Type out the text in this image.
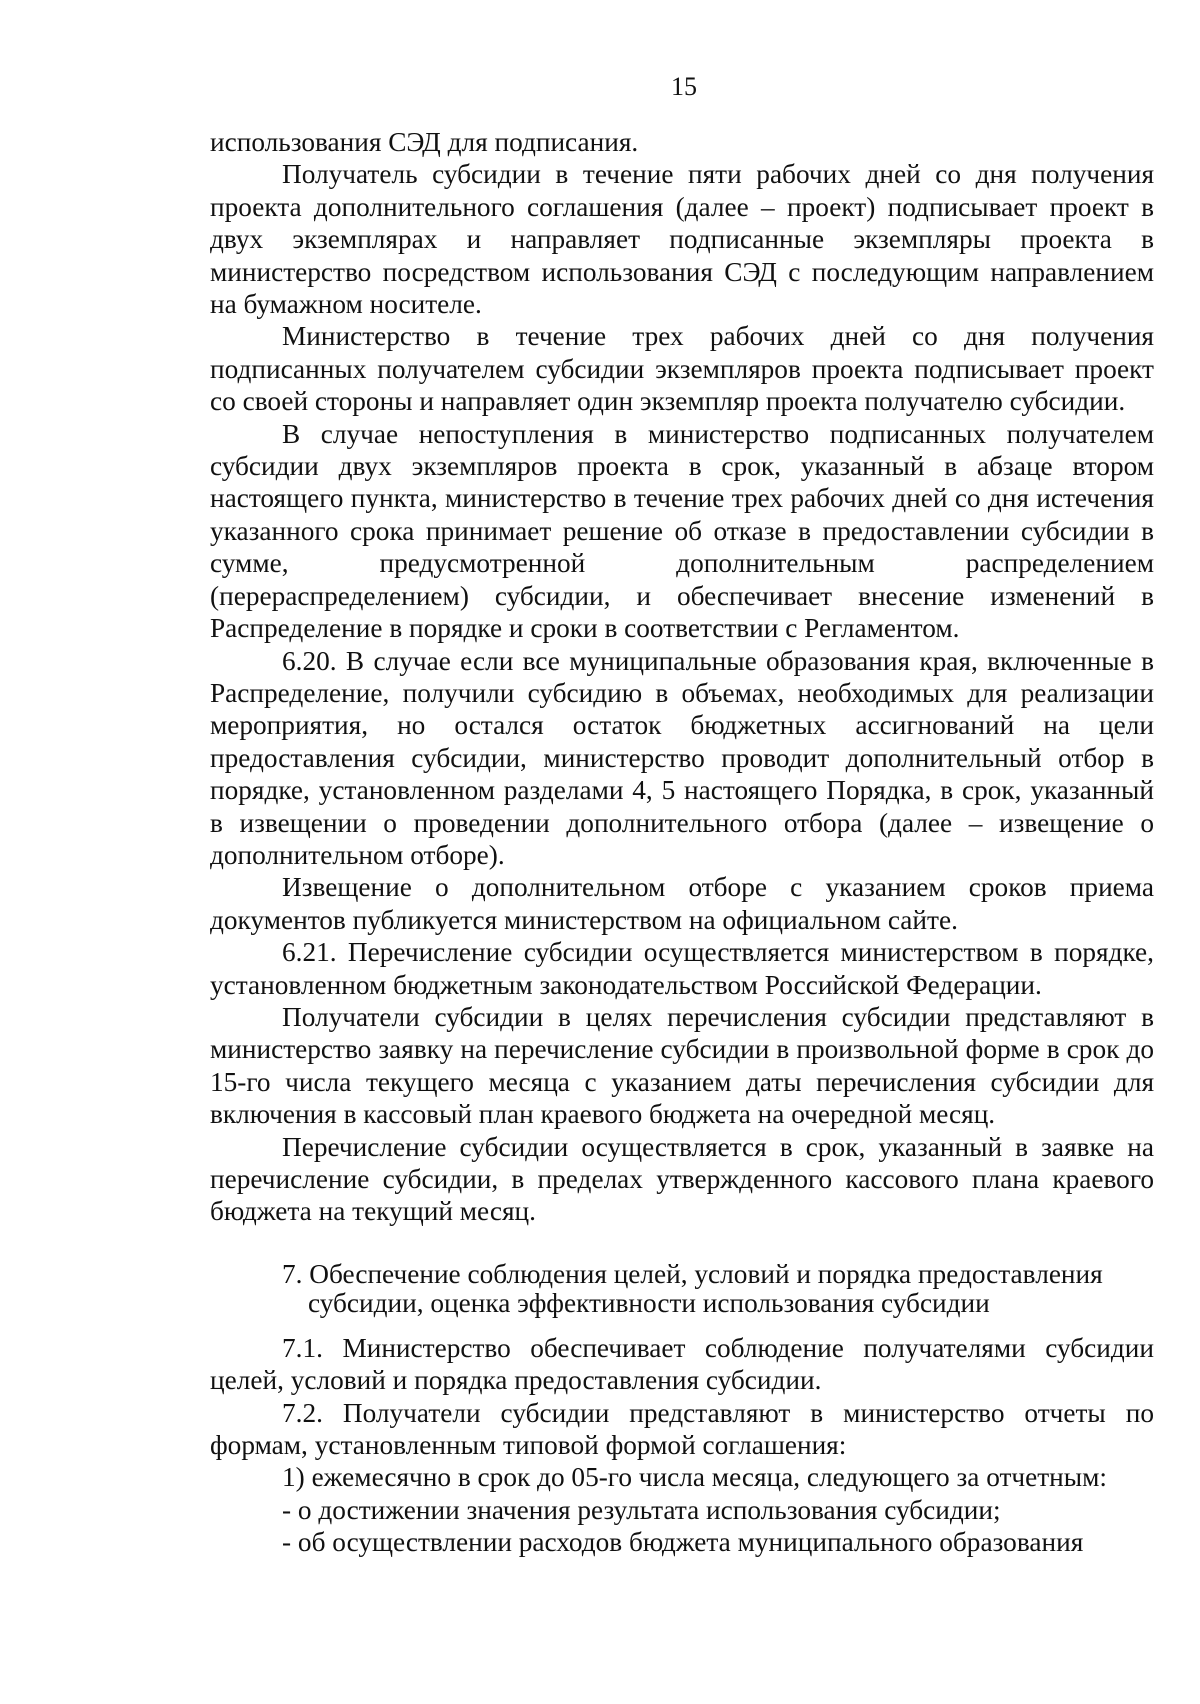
15

использования СЭД для подписания.

Получатель субсидии в течение пяти рабочих дней со дня получения проекта дополнительного соглашения (далее – проект) подписывает проект в двух экземплярах и направляет подписанные экземпляры проекта в министерство посредством использования СЭД с последующим направлением на бумажном носителе.

Министерство в течение трех рабочих дней со дня получения подписанных получателем субсидии экземпляров проекта подписывает проект со своей стороны и направляет один экземпляр проекта получателю субсидии.

В случае непоступления в министерство подписанных получателем субсидии двух экземпляров проекта в срок, указанный в абзаце втором настоящего пункта, министерство в течение трех рабочих дней со дня истечения указанного срока принимает решение об отказе в предоставлении субсидии в сумме, предусмотренной дополнительным распределением (перераспределением) субсидии, и обеспечивает внесение изменений в Распределение в порядке и сроки в соответствии с Регламентом.

6.20. В случае если все муниципальные образования края, включенные в Распределение, получили субсидию в объемах, необходимых для реализации мероприятия, но остался остаток бюджетных ассигнований на цели предоставления субсидии, министерство проводит дополнительный отбор в порядке, установленном разделами 4, 5 настоящего Порядка, в срок, указанный в извещении о проведении дополнительного отбора (далее – извещение о дополнительном отборе).

Извещение о дополнительном отборе с указанием сроков приема документов публикуется министерством на официальном сайте.

6.21. Перечисление субсидии осуществляется министерством в порядке, установленном бюджетным законодательством Российской Федерации.

Получатели субсидии в целях перечисления субсидии представляют в министерство заявку на перечисление субсидии в произвольной форме в срок до 15-го числа текущего месяца с указанием даты перечисления субсидии для включения в кассовый план краевого бюджета на очередной месяц.

Перечисление субсидии осуществляется в срок, указанный в заявке на перечисление субсидии, в пределах утвержденного кассового плана краевого бюджета на текущий месяц.

7. Обеспечение соблюдения целей, условий и порядка предоставления
субсидии, оценка эффективности использования субсидии

7.1. Министерство обеспечивает соблюдение получателями субсидии целей, условий и порядка предоставления субсидии.

7.2. Получатели субсидии представляют в министерство отчеты по формам, установленным типовой формой соглашения:

1) ежемесячно в срок до 05-го числа месяца, следующего за отчетным:

- о достижении значения результата использования субсидии;

- об осуществлении расходов бюджета муниципального образования
